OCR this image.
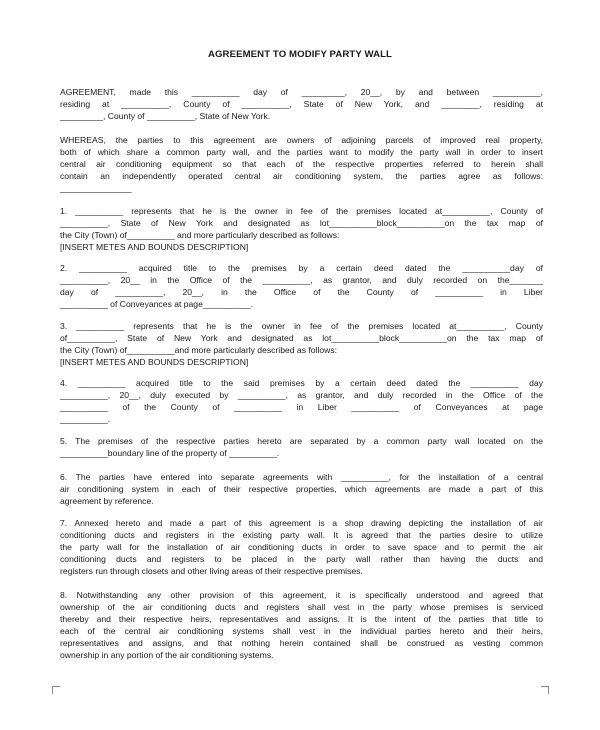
AGREEMENT TO MODIFY PARTY WALL
AGREEMENT, made this __________ day of _________, 20__, by and between __________,
residing at __________, County of __________, State of New York, and ________, residing at
_________, County of __________, State of New York.
WHEREAS, the parties to this agreement are owners of adjoining parcels of improved real property,
both of which share a common party wall, and the parties want to modify the party wall in order to insert
central air conditioning equipment so that each of the respective properties referred to herein shall
contain an independently operated central air conditioning system, the parties agree as follows:
_______________
1. __________ represents that he is the owner in fee of the premises located at__________, County of
__________, State of New York and designated as lot__________block__________on the tax map of
the City (Town) of__________ and more particularly described as follows:
[INSERT METES AND BOUNDS DESCRIPTION]
2. __________ acquired title to the premises by a certain deed dated the __________day of
__________, 20__ in the Office of the __________, as grantor, and duly recorded on the_______
day of __________, 20__, in the Office of the County of __________ in Liber
__________ of Conveyances at page__________.
3. __________ represents that he is the owner in fee of the premises located at__________, County
of__________, State of New York and designated as lot__________block__________on the tax map of
the City (Town) of__________and more particularly described as follows:
[INSERT METES AND BOUNDS DESCRIPTION]
4. __________ acquired title to the said premises by a certain deed dated the __________ day
__________, 20__, duly executed by __________, as grantor, and duly recorded in the Office of the
__________ of the County of __________ in Liber __________ of Conveyances at page
__________.
5. The premises of the respective parties hereto are separated by a common party wall located on the
__________boundary line of the property of __________.
6. The parties have entered into separate agreements with __________, for the installation of a central
air conditioning system in each of their respective properties, which agreements are made a part of this
agreement by reference.
7. Annexed hereto and made a part of this agreement is a shop drawing depicting the installation of air
conditioning ducts and registers in the existing party wall. It is agreed that the parties desire to utilize
the party wall for the installation of air conditioning ducts in order to save space and to permit the air
conditioning ducts and registers to be placed in the party wall rather than having the ducts and
registers run through closets and other living areas of their respective premises.
8. Notwithstanding any other provision of this agreement, it is specifically understood and agreed that
ownership of the air conditioning ducts and registers shall vest in the party whose premises is serviced
thereby and their respective heirs, representatives and assigns. It is the intent of the parties that title to
each of the central air conditioning systems shall vest in the individual parties hereto and their heirs,
representatives and assigns, and that nothing herein contained shall be construed as vesting common
ownership in any portion of the air conditioning systems.
